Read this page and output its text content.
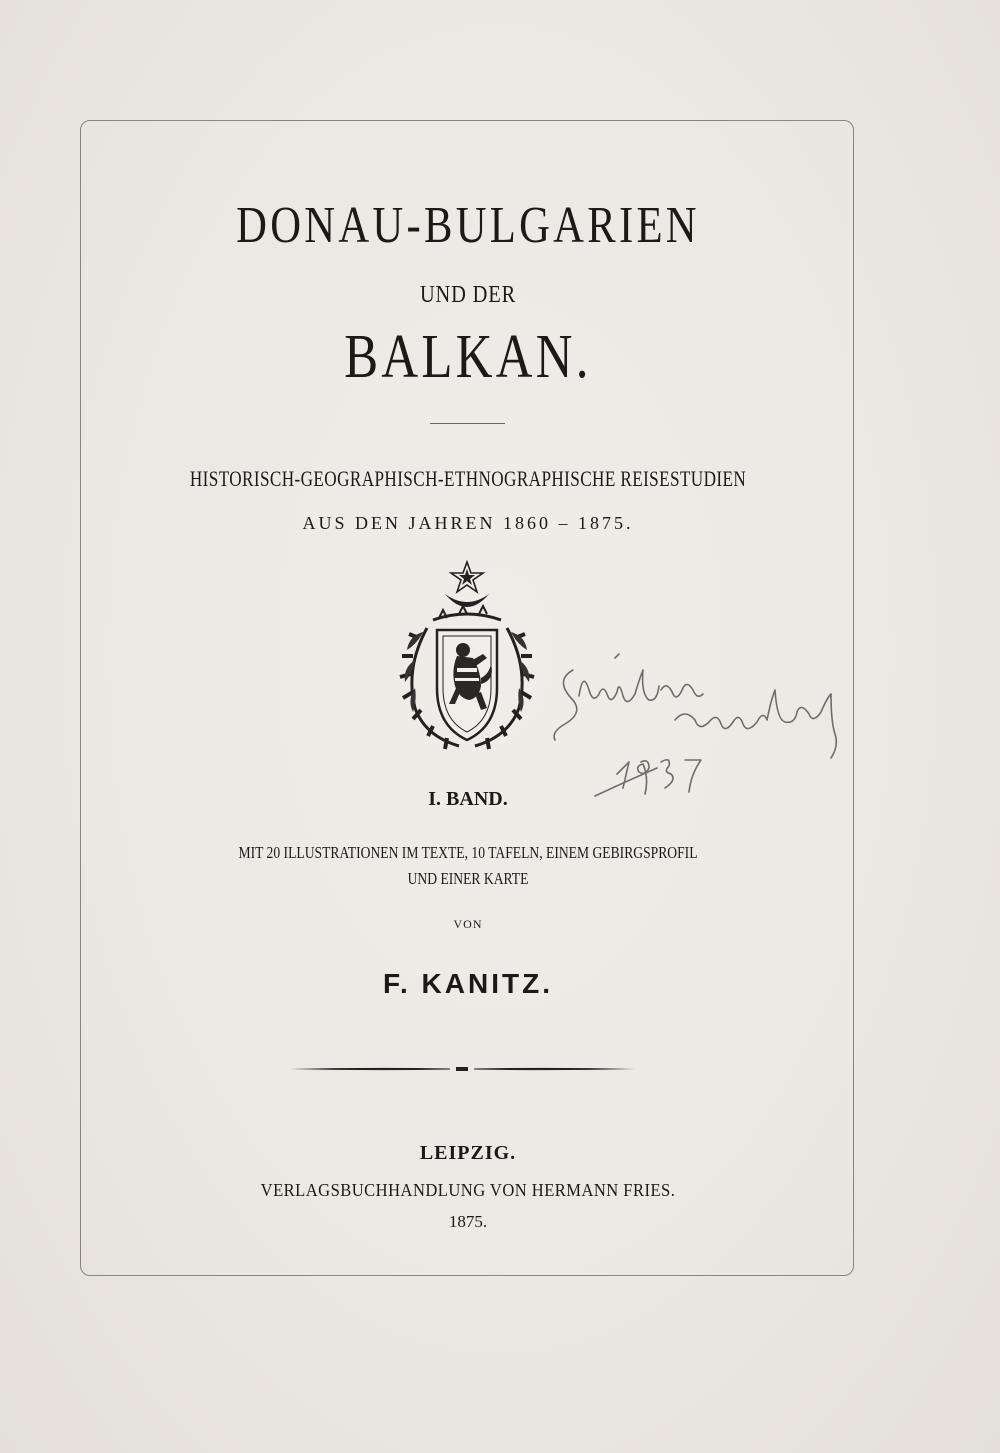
DONAU-BULGARIEN
UND DER
BALKAN.
HISTORISCH-GEOGRAPHISCH-ETHNOGRAPHISCHE REISESTUDIEN
AUS DEN JAHREN 1860 – 1875.
I. BAND.
MIT 20 ILLUSTRATIONEN IM TEXTE, 10 TAFELN, EINEM GEBIRGSPROFIL
UND EINER KARTE
VON
F. KANITZ.
LEIPZIG.
VERLAGSBUCHHANDLUNG VON HERMANN FRIES.
1875.
